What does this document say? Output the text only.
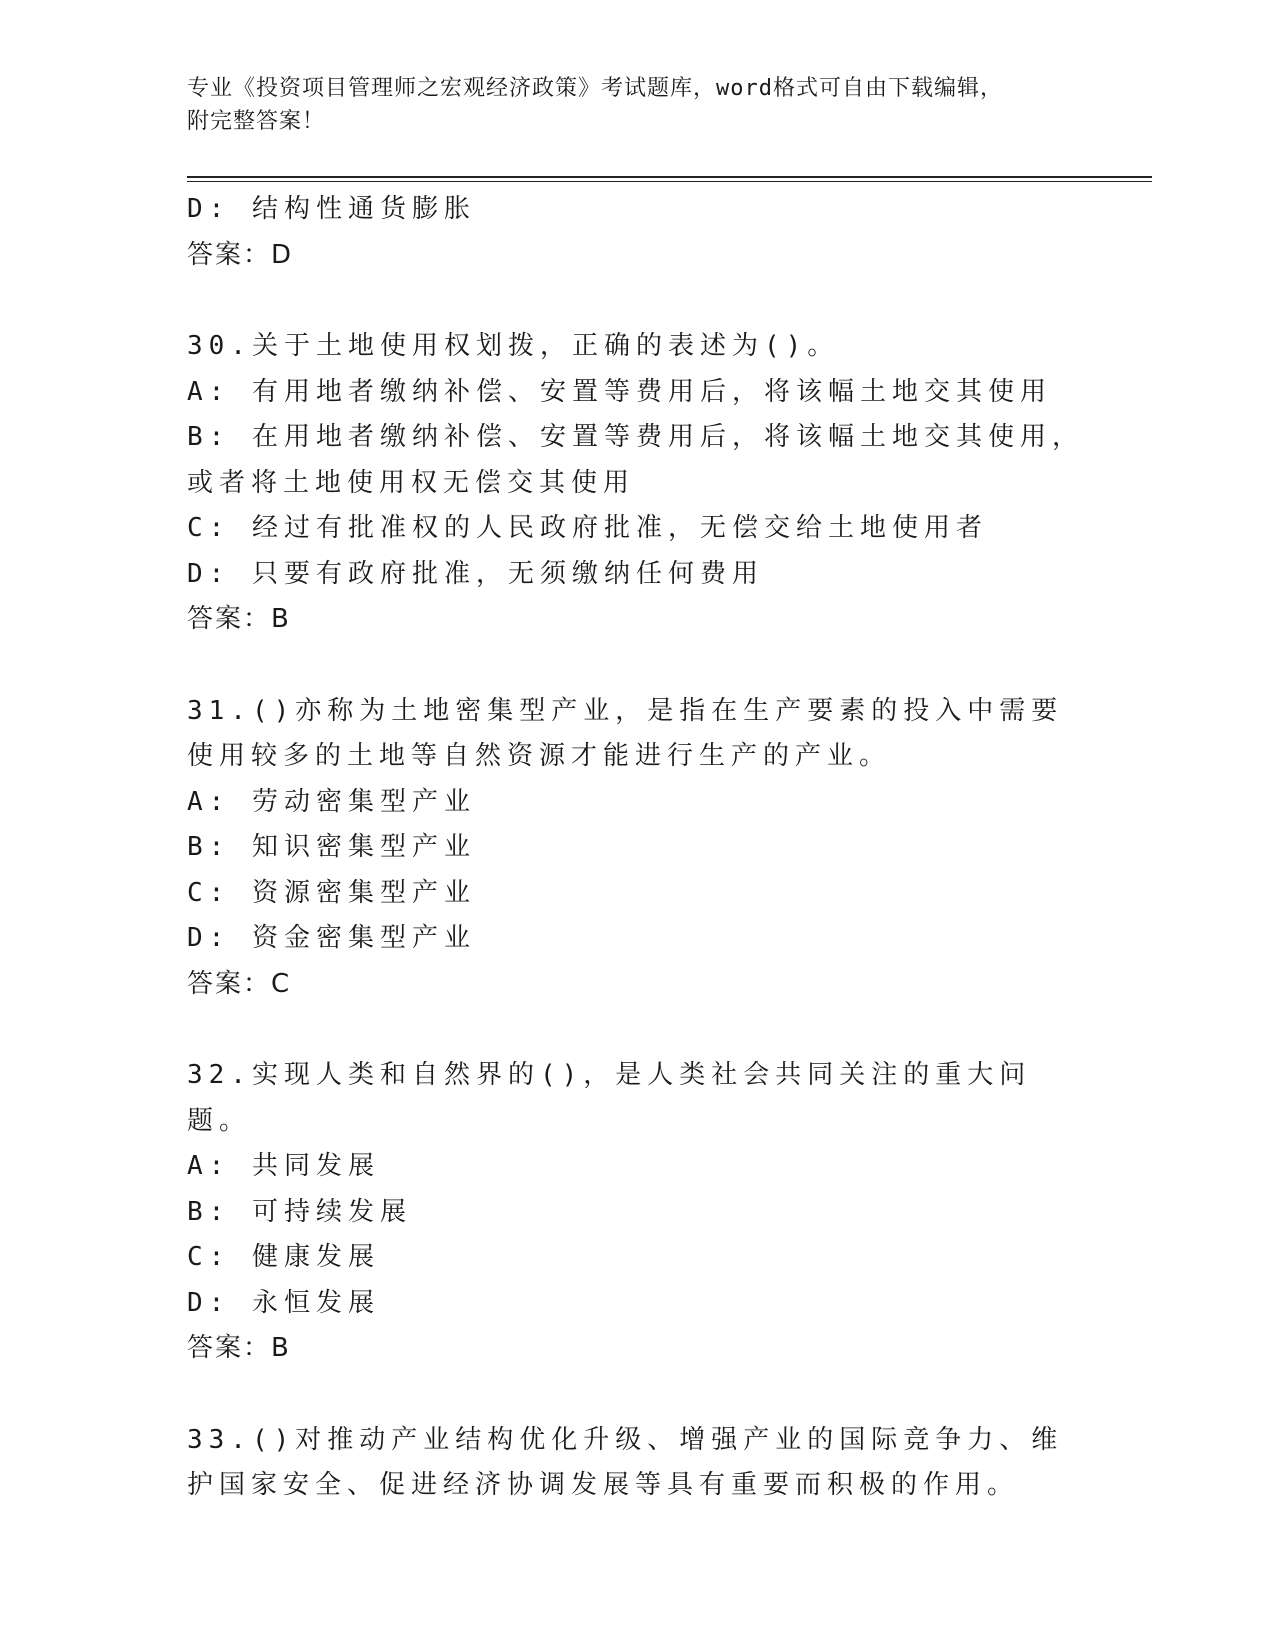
专业《投资项目管理师之宏观经济政策》考试题库，word格式可自由下载编辑，
附完整答案！
D: 结构性通货膨胀
答案：D
30.关于土地使用权划拨，正确的表述为()。
A: 有用地者缴纳补偿、安置等费用后，将该幅土地交其使用
B: 在用地者缴纳补偿、安置等费用后，将该幅土地交其使用，或者将土地使用权无偿交其使用
C: 经过有批准权的人民政府批准，无偿交给土地使用者
D: 只要有政府批准，无须缴纳任何费用
答案：B
31.()亦称为土地密集型产业，是指在生产要素的投入中需要使用较多的土地等自然资源才能进行生产的产业。
A: 劳动密集型产业
B: 知识密集型产业
C: 资源密集型产业
D: 资金密集型产业
答案：C
32.实现人类和自然界的()，是人类社会共同关注的重大问题。
A: 共同发展
B: 可持续发展
C: 健康发展
D: 永恒发展
答案：B
33.()对推动产业结构优化升级、增强产业的国际竞争力、维护国家安全、促进经济协调发展等具有重要而积极的作用。
